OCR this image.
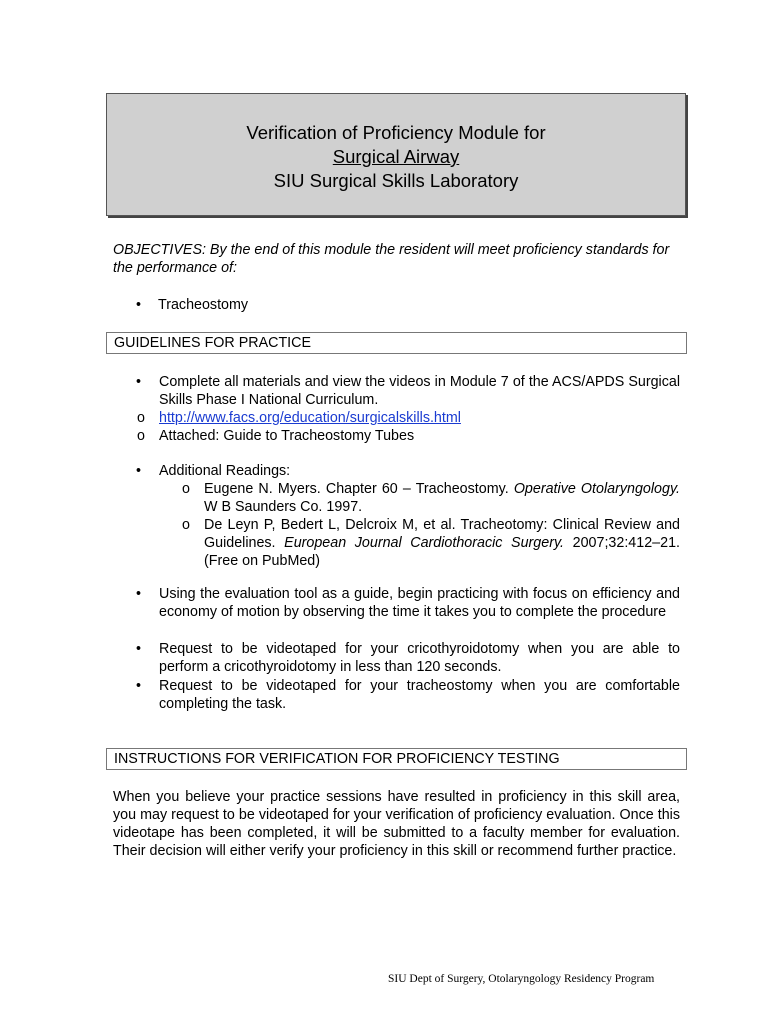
Verification of Proficiency Module for
Surgical Airway
SIU Surgical Skills Laboratory
OBJECTIVES: By the end of this module the resident will meet proficiency standards for the performance of:
• Tracheostomy
GUIDELINES FOR PRACTICE
• Complete all materials and view the videos in Module 7 of the ACS/APDS Surgical Skills Phase I National Curriculum.
o http://www.facs.org/education/surgicalskills.html
o Attached: Guide to Tracheostomy Tubes
• Additional Readings:
o Eugene N. Myers. Chapter 60 – Tracheostomy. Operative Otolaryngology. W B Saunders Co. 1997.
o De Leyn P, Bedert L, Delcroix M, et al. Tracheotomy: Clinical Review and Guidelines. European Journal Cardiothoracic Surgery. 2007;32:412–21. (Free on PubMed)
• Using the evaluation tool as a guide, begin practicing with focus on efficiency and economy of motion by observing the time it takes you to complete the procedure
• Request to be videotaped for your cricothyroidotomy when you are able to perform a cricothyroidotomy in less than 120 seconds.
• Request to be videotaped for your tracheostomy when you are comfortable completing the task.
INSTRUCTIONS FOR VERIFICATION FOR PROFICIENCY TESTING
When you believe your practice sessions have resulted in proficiency in this skill area, you may request to be videotaped for your verification of proficiency evaluation. Once this videotape has been completed, it will be submitted to a faculty member for evaluation. Their decision will either verify your proficiency in this skill or recommend further practice.
SIU Dept of Surgery, Otolaryngology Residency Program
